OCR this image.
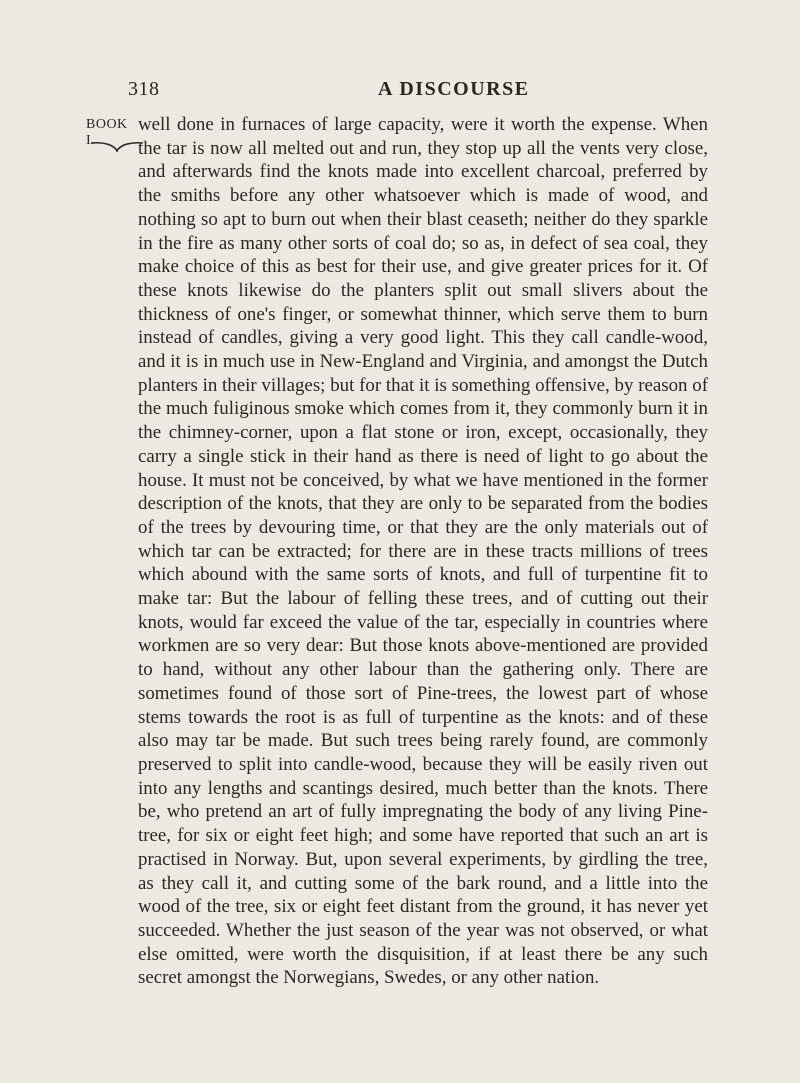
318	A DISCOURSE
BOOK I.

well done in furnaces of large capacity, were it worth the expense. When the tar is now all melted out and run, they stop up all the vents very close, and afterwards find the knots made into excellent charcoal, preferred by the smiths before any other whatsoever which is made of wood, and nothing so apt to burn out when their blast ceaseth; neither do they sparkle in the fire as many other sorts of coal do; so as, in defect of sea coal, they make choice of this as best for their use, and give greater prices for it. Of these knots likewise do the planters split out small slivers about the thickness of one's finger, or somewhat thinner, which serve them to burn instead of candles, giving a very good light. This they call candle-wood, and it is in much use in New-England and Virginia, and amongst the Dutch planters in their villages; but for that it is something offensive, by reason of the much fuliginous smoke which comes from it, they commonly burn it in the chimney-corner, upon a flat stone or iron, except, occasionally, they carry a single stick in their hand as there is need of light to go about the house. It must not be conceived, by what we have mentioned in the former description of the knots, that they are only to be separated from the bodies of the trees by devouring time, or that they are the only materials out of which tar can be extracted; for there are in these tracts millions of trees which abound with the same sorts of knots, and full of turpentine fit to make tar: But the labour of felling these trees, and of cutting out their knots, would far exceed the value of the tar, especially in countries where workmen are so very dear: But those knots above-mentioned are provided to hand, without any other labour than the gathering only. There are sometimes found of those sort of Pine-trees, the lowest part of whose stems towards the root is as full of turpentine as the knots: and of these also may tar be made. But such trees being rarely found, are commonly preserved to split into candle-wood, because they will be easily riven out into any lengths and scantings desired, much better than the knots. There be, who pretend an art of fully impregnating the body of any living Pine-tree, for six or eight feet high; and some have reported that such an art is practised in Norway. But, upon several experiments, by girdling the tree, as they call it, and cutting some of the bark round, and a little into the wood of the tree, six or eight feet distant from the ground, it has never yet succeeded. Whether the just season of the year was not observed, or what else omitted, were worth the disquisition, if at least there be any such secret amongst the Norwegians, Swedes, or any other nation.
